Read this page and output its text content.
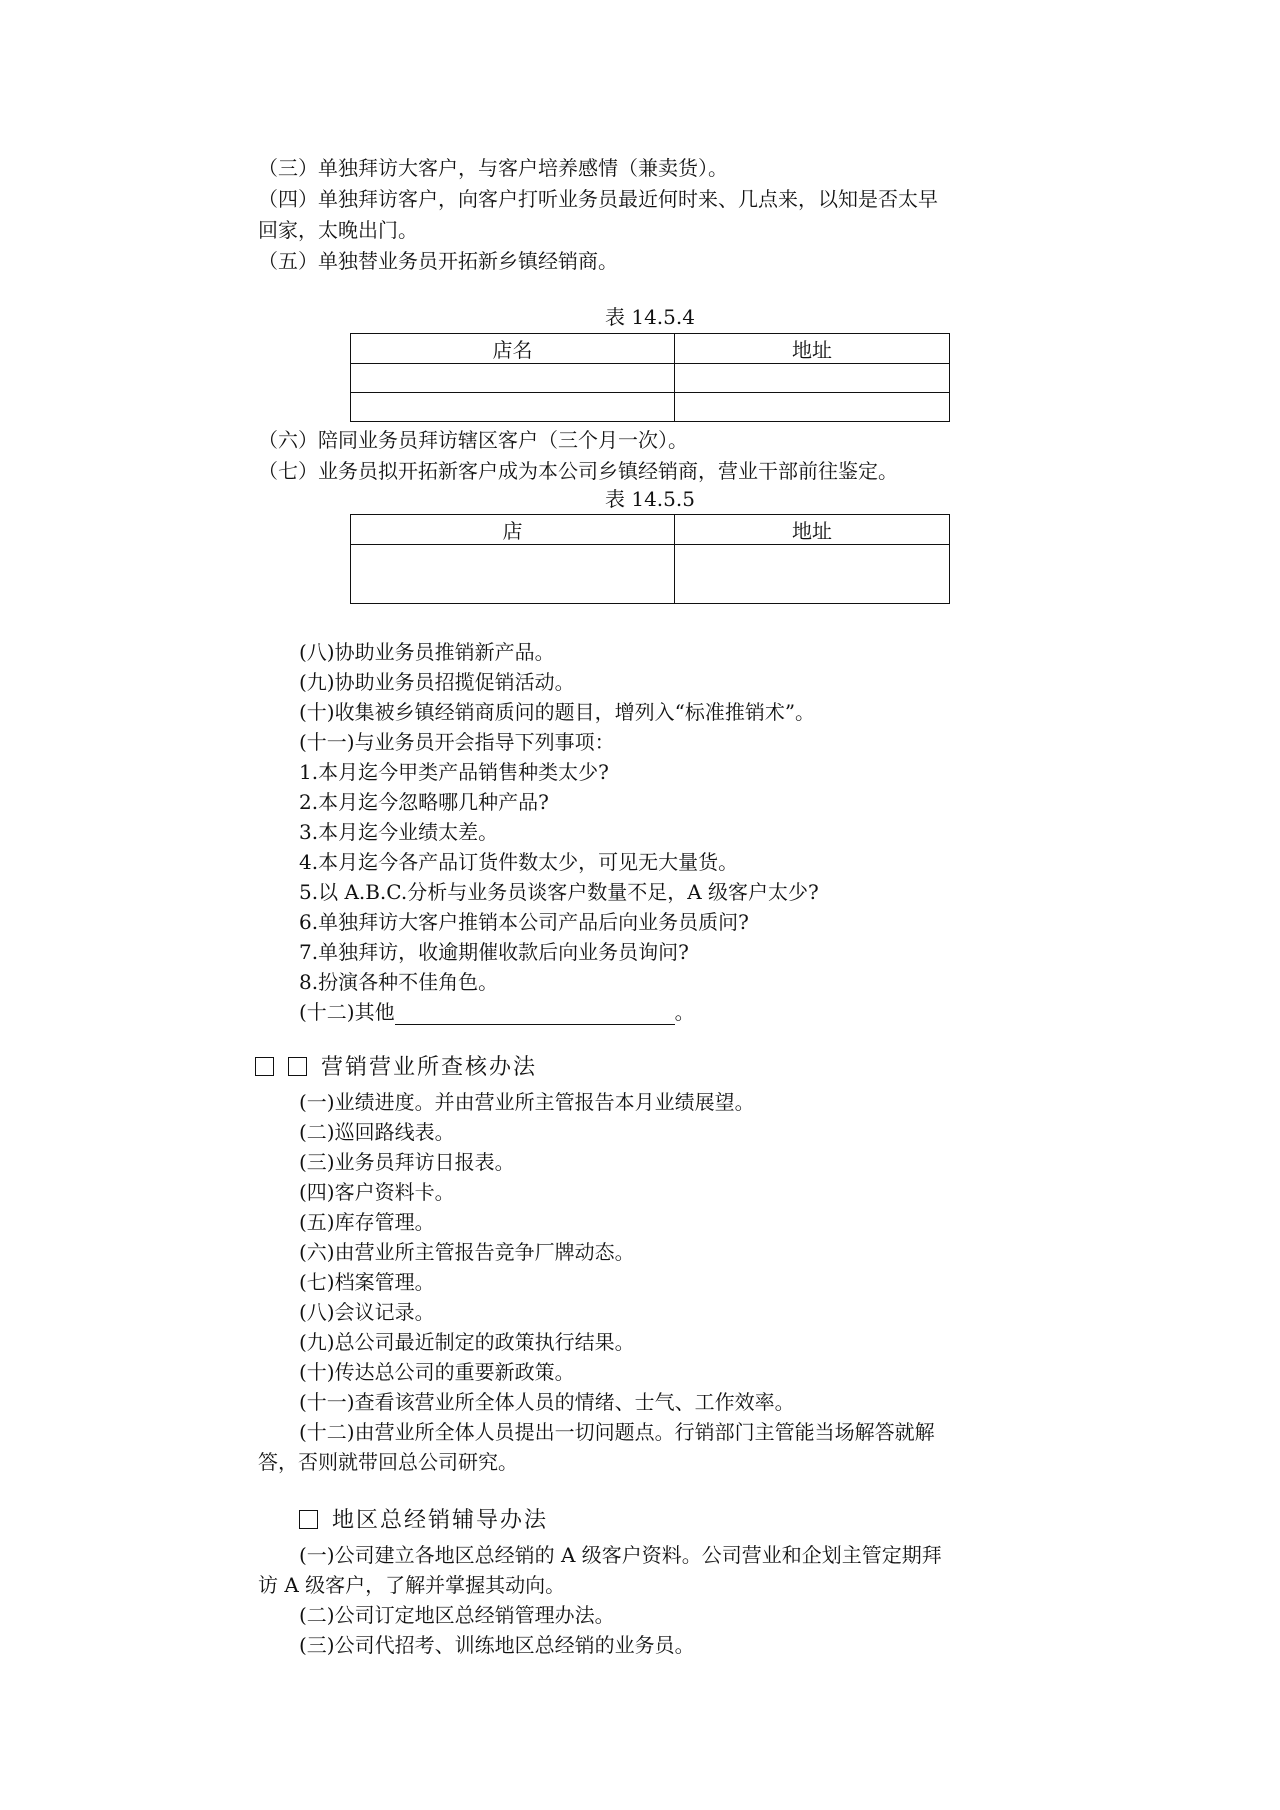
（三）单独拜访大客户，与客户培养感情（兼卖货）。
（四）单独拜访客户，向客户打听业务员最近何时来、几点来，以知是否太早
回家，太晚出门。
（五）单独替业务员开拓新乡镇经销商。
表 14.5.4
店名	地址

（六）陪同业务员拜访辖区客户（三个月一次）。
（七）业务员拟开拓新客户成为本公司乡镇经销商，营业干部前往鉴定。
表 14.5.5
店	地址

(八)协助业务员推销新产品。
(九)协助业务员招揽促销活动。
(十)收集被乡镇经销商质问的题目，增列入“标准推销术”。
(十一)与业务员开会指导下列事项：
1.本月迄今甲类产品销售种类太少?
2.本月迄今忽略哪几种产品?
3.本月迄今业绩太差。
4.本月迄今各产品订货件数太少，可见无大量货。
5.以 A.B.C.分析与业务员谈客户数量不足，A 级客户太少?
6.单独拜访大客户推销本公司产品后向业务员质问?
7.单独拜访，收逾期催收款后向业务员询问?
8.扮演各种不佳角色。
(十二)其他	。
营销营业所查核办法
(一)业绩进度。并由营业所主管报告本月业绩展望。
(二)巡回路线表。
(三)业务员拜访日报表。
(四)客户资料卡。
(五)库存管理。
(六)由营业所主管报告竞争厂牌动态。
(七)档案管理。
(八)会议记录。
(九)总公司最近制定的政策执行结果。
(十)传达总公司的重要新政策。
(十一)查看该营业所全体人员的情绪、士气、工作效率。
(十二)由营业所全体人员提出一切问题点。行销部门主管能当场解答就解
答，否则就带回总公司研究。
地区总经销辅导办法
(一)公司建立各地区总经销的 A 级客户资料。公司营业和企划主管定期拜
访 A 级客户，了解并掌握其动向。
(二)公司订定地区总经销管理办法。
(三)公司代招考、训练地区总经销的业务员。
